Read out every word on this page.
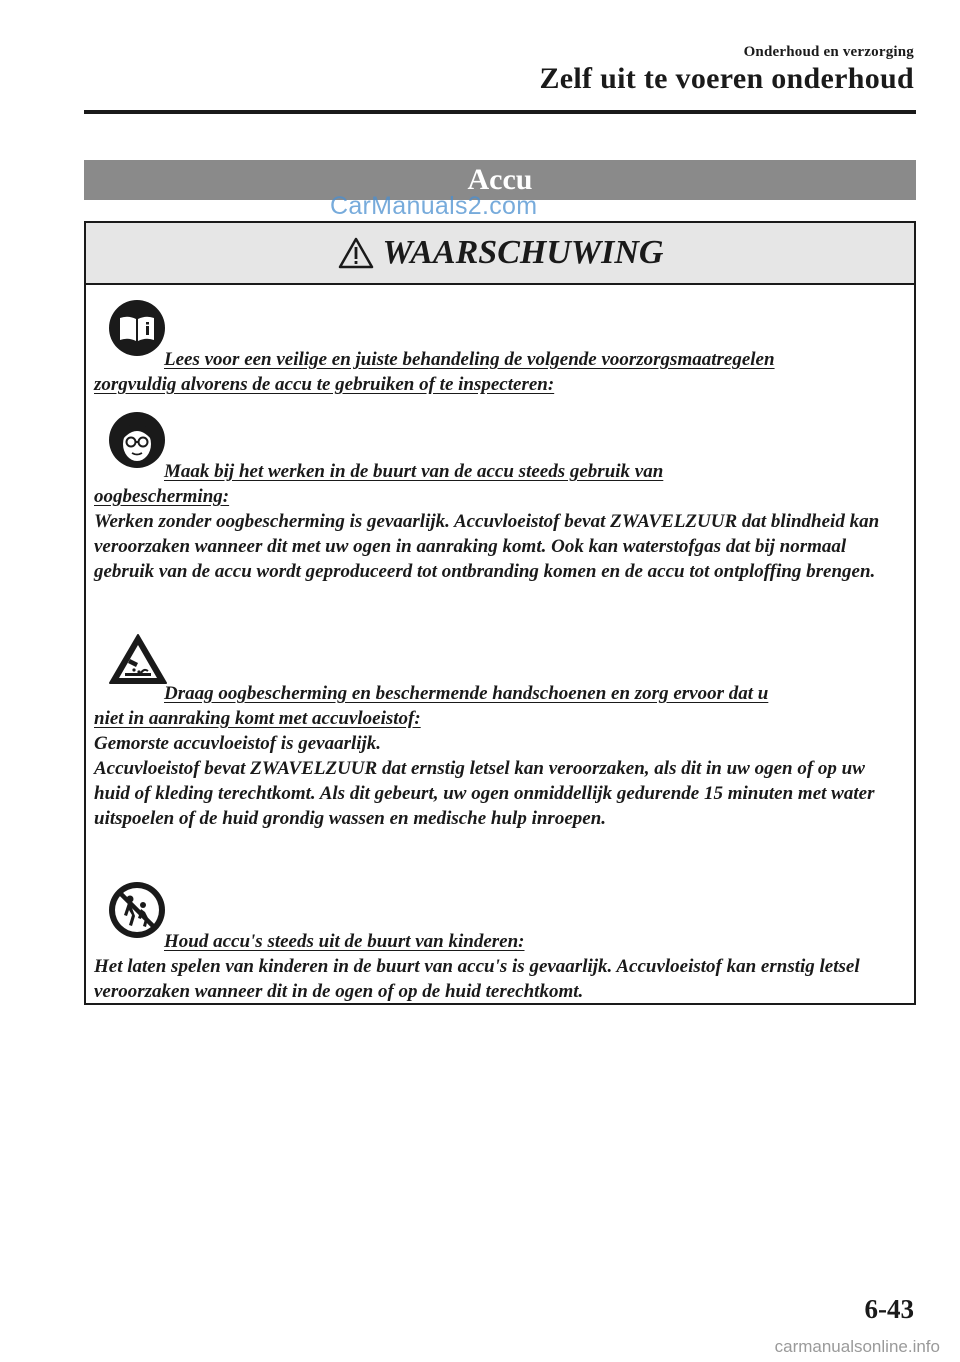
Onderhoud en verzorging
Zelf uit te voeren onderhoud
Accu
CarManuals2.com
WAARSCHUWING
Lees voor een veilige en juiste behandeling de volgende voorzorgsmaatregelen
zorgvuldig alvorens de accu te gebruiken of te inspecteren:
Maak bij het werken in de buurt van de accu steeds gebruik van
oogbescherming:
Werken zonder oogbescherming is gevaarlijk. Accuvloeistof bevat ZWAVELZUUR dat blindheid kan veroorzaken wanneer dit met uw ogen in aanraking komt. Ook kan waterstofgas dat bij normaal gebruik van de accu wordt geproduceerd tot ontbranding komen en de accu tot ontploffing brengen.
Draag oogbescherming en beschermende handschoenen en zorg ervoor dat u
niet in aanraking komt met accuvloeistof:
Gemorste accuvloeistof is gevaarlijk.
Accuvloeistof bevat ZWAVELZUUR dat ernstig letsel kan veroorzaken, als dit in uw ogen of op uw huid of kleding terechtkomt. Als dit gebeurt, uw ogen onmiddellijk gedurende 15 minuten met water uitspoelen of de huid grondig wassen en medische hulp inroepen.
Houd accu's steeds uit de buurt van kinderen:
Het laten spelen van kinderen in de buurt van accu's is gevaarlijk. Accuvloeistof kan ernstig letsel veroorzaken wanneer dit in de ogen of op de huid terechtkomt.
6-43
carmanualsonline.info
